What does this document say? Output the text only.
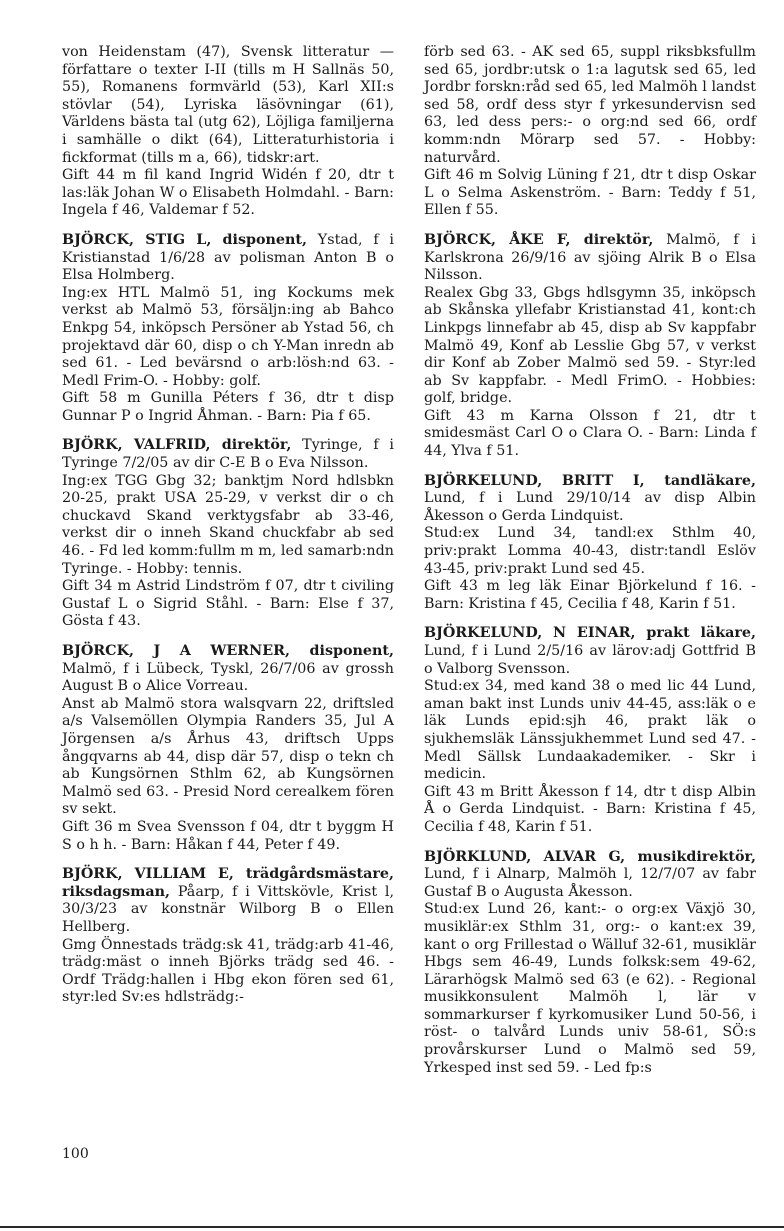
von Heidenstam (47), Svensk litteratur — författare o texter I-II (tills m H Sallnäs 50, 55), Romanens formvärld (53), Karl XII:s stövlar (54), Lyriska läsövningar (61), Världens bästa tal (utg 62), Löjliga familjerna i samhälle o dikt (64), Litteraturhistoria i fickformat (tills m a, 66), tidskr:art.

Gift 44 m fil kand Ingrid Widén f 20, dtr t las:läk Johan W o Elisabeth Holmdahl. - Barn: Ingela f 46, Valdemar f 52.

BJÖRCK, STIG L, disponent, Ystad, f i Kristianstad 1/6/28 av polisman Anton B o Elsa Holmberg.

Ing:ex HTL Malmö 51, ing Kockums mek verkst ab Malmö 53, försäljn:ing ab Bahco Enkpg 54, inköpsch Persöner ab Ystad 56, ch projektavd där 60, disp o ch Y-Man inredn ab sed 61. - Led bevärsnd o arb:lösh:nd 63. - Medl Frim-O. - Hobby: golf.

Gift 58 m Gunilla Péters f 36, dtr t disp Gunnar P o Ingrid Åhman. - Barn: Pia f 65.

BJÖRK, VALFRID, direktör, Tyringe, f i Tyringe 7/2/05 av dir C-E B o Eva Nilsson.

Ing:ex TGG Gbg 32; banktjm Nord hdlsbkn 20-25, prakt USA 25-29, v verkst dir o ch chuckavd Skand verktygsfabr ab 33-46, verkst dir o inneh Skand chuckfabr ab sed 46. - Fd led komm:fullm m m, led samarb:ndn Tyringe. - Hobby: tennis.

Gift 34 m Astrid Lindström f 07, dtr t civiling Gustaf L o Sigrid Ståhl. - Barn: Else f 37, Gösta f 43.

BJÖRCK, J A WERNER, disponent, Malmö, f i Lübeck, Tyskl, 26/7/06 av grossh August B o Alice Vorreau.

Anst ab Malmö stora walsqvarn 22, driftsled a/s Valsemöllen Olympia Randers 35, Jul A Jörgensen a/s Århus 43, driftsch Upps ångqvarns ab 44, disp där 57, disp o tekn ch ab Kungsörnen Sthlm 62, ab Kungsörnen Malmö sed 63. - Presid Nord cerealkem fören sv sekt.

Gift 36 m Svea Svensson f 04, dtr t byggm H S o h h. - Barn: Håkan f 44, Peter f 49.

BJÖRK, VILLIAM E, trädgårdsmästare, riksdagsman, Påarp, f i Vittskövle, Krist l, 30/3/23 av konstnär Wilborg B o Ellen Hellberg.

Gmg Önnestads trädg:sk 41, trädg:arb 41-46, trädg:mäst o inneh Björks trädg sed 46. - Ordf Trädg:hallen i Hbg ekon fören sed 61, styr:led Sv:es hdlsträdg:-

förb sed 63. - AK sed 65, suppl riksbksfullm sed 65, jordbr:utsk o 1:a lagutsk sed 65, led Jordbr forskn:råd sed 65, led Malmöh l landst sed 58, ordf dess styr f yrkesundervisn sed 63, led dess pers:- o org:nd sed 66, ordf komm:ndn Mörarp sed 57. - Hobby: naturvård.

Gift 46 m Solvig Lüning f 21, dtr t disp Oskar L o Selma Askenström. - Barn: Teddy f 51, Ellen f 55.

BJÖRCK, ÅKE F, direktör, Malmö, f i Karlskrona 26/9/16 av sjöing Alrik B o Elsa Nilsson.

Realex Gbg 33, Gbgs hdlsgymn 35, inköpsch ab Skånska yllefabr Kristianstad 41, kont:ch Linkpgs linnefabr ab 45, disp ab Sv kappfabr Malmö 49, Konf ab Lesslie Gbg 57, v verkst dir Konf ab Zober Malmö sed 59. - Styr:led ab Sv kappfabr. - Medl FrimO. - Hobbies: golf, bridge.

Gift 43 m Karna Olsson f 21, dtr t smidesmäst Carl O o Clara O. - Barn: Linda f 44, Ylva f 51.

BJÖRKELUND, BRITT I, tandläkare, Lund, f i Lund 29/10/14 av disp Albin Åkesson o Gerda Lindquist.

Stud:ex Lund 34, tandl:ex Sthlm 40, priv:prakt Lomma 40-43, distr:tandl Eslöv 43-45, priv:prakt Lund sed 45.

Gift 43 m leg läk Einar Björkelund f 16. - Barn: Kristina f 45, Cecilia f 48, Karin f 51.

BJÖRKELUND, N EINAR, prakt läkare, Lund, f i Lund 2/5/16 av lärov:adj Gottfrid B o Valborg Svensson.

Stud:ex 34, med kand 38 o med lic 44 Lund, aman bakt inst Lunds univ 44-45, ass:läk o e läk Lunds epid:sjh 46, prakt läk o sjukhemsläk Länssjukhemmet Lund sed 47. - Medl Sällsk Lundaakademiker. - Skr i medicin.

Gift 43 m Britt Åkesson f 14, dtr t disp Albin Å o Gerda Lindquist. - Barn: Kristina f 45, Cecilia f 48, Karin f 51.

BJÖRKLUND, ALVAR G, musikdirektör, Lund, f i Alnarp, Malmöh l, 12/7/07 av fabr Gustaf B o Augusta Åkesson.

Stud:ex Lund 26, kant:- o org:ex Växjö 30, musiklär:ex Sthlm 31, org:- o kant:ex 39, kant o org Frillestad o Wälluf 32-61, musiklär Hbgs sem 46-49, Lunds folksk:sem 49-62, Lärarhögsk Malmö sed 63 (e 62). - Regional musikkonsulent Malmöh l, lär v sommarkurser f kyrkomusiker Lund 50-56, i röst- o talvård Lunds univ 58-61, SÖ:s provårskurser Lund o Malmö sed 59, Yrkesped inst sed 59. - Led fp:s

100
